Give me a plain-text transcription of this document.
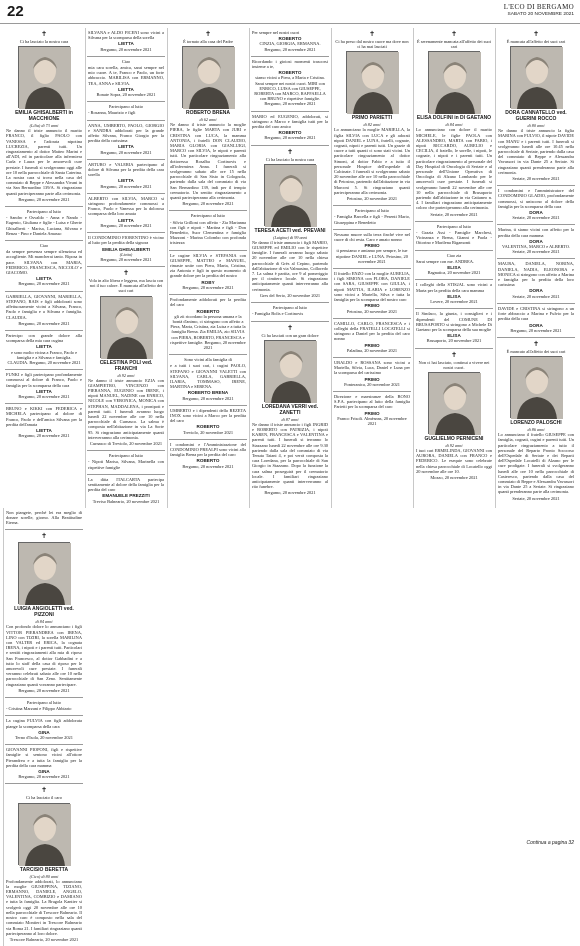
22	L'ECO DI BERGAMO
SABATO 20 NOVEMBRE 2021
✝

Ci ha lasciato la nostra cara

EMILIA GHISALBERTI in MACCHIONE
(Lilia) di 73 anni

Ne danno il triste annuncio il marito FRANCO, il figlio PAOLO con VANESSA e l'adorata nipotina LUCREZIA, parenti tutti. Un ringraziamento al dottor Matteo Marini e all'ADI, ed in particolare alla infermiera Carla e Laura per le amorevoli cure prestate. I funerali si svolgeranno oggi alle ore 10 nella parrocchiale di Santa Caterina. La nostra cara si trova nella casa del commiato di Beppe e Alessandra Vivani in via San Bernardino 139/A. Si ringraziano quanti parteciperanno parte alla cerimonia.

Bergamo, 20 novembre 2021

Partecipano al lutto

- Sandro e Osvaldo - Anna e Nando - Eugenio, Giuliana e figlie - Luisa e Gherte Ghisalberti - Marisa, Luciana, Silvana e Renza - Pino e Daniela Amasso

Ciao

da sempre presenza sempre silenziosa ed accogliente. Mi mancherai tanto. Riposa in pace. SILVANA con MARIA, FEDERICO, FRANCESCA, NICCOLO' e GIACOMO.

LIETTA

Bergamo, 20 novembre 2021

GABRIELLA, GIOVANNI, MARIELLA, STEFANO, RAIS e figli addolorati sono affettuosamente vicini a Silvana, Franco, Paolo e famiglia e a Silvana e famiglia. CLAUDIA.

Bergamo, 20 novembre 2021

Partecipo con grande dolore alla scomparsa della mia cara cugina

LIETTA

e sono molto vicina a Franco, Paolo e famiglia e a Silvana e famiglia. CLAUDIA. Bergamo, 20 novembre 2021

FUNKI e figli partecipano profondamente commossi al dolore di Franco, Paolo e famiglia per la scomparsa della cara

LIETTA

Bergamo, 20 novembre 2021

BRUNO e KIKKI con FEDERICA e MICHELA partecipano al dolore di Franco, Paolo e dell'amica Silvana per la perdita dell'amata

LIETTA

Bergamo, 20 novembre 2021

SILVANA e ALDO FICENI sono vicini a Silvana per la scomparsa della sorella

LIETTA

Bergamo, 20 novembre 2021

Ciao

mia cara sorella, amica, sarai sempre nel mio cuore. A te, Franco e Paolo, un forte abbraccio. MARILISA con ERMANNO, TEA, ANNA e SILVIA.

LIETTA

Bonate Sopra, 20 novembre 2021

Partecipano al lutto

- Rosanna, Maurizio e figli

ANNA, UMBERTO, PAOLO, GIORGIO e SANDRA addolorati per la grande affetto Silvana, Franco Giorgio per la perdita della carissima

LIETTA

Bergamo, 20 novembre 2021

ARTURO e VALERIA partecipano al dolore di Silvana per la perdita della cara sorella

LIETTA

Bergamo, 20 novembre 2021

ALBERTO con SILVIA, MARCO si stringono profondamente commossi a Franco, Paolo e Vanessa per la dolorosa scomparsa della loro amata

LIETTA

Bergamo, 20 novembre 2021

Il CONDOMINIO FIORENTINO è vicino al lutto per la perdita della signora

EMILIA GHISALBERTI
(Lietta)

Bergamo, 20 novembre 2021

✝

Vola in alto libera e leggera, ma lascia con noi il tuo calore. È mancata all'affetto dei suoi cari

CELESTINA POLI ved. FRANCHI
di 92 anni

Ne danno il triste annuncio EZIA con GIAMPIETRO, VINCENZO con PIERANNA, EUGENIO con IRENE, i nipoti MANUEL, NADINE con ENRICO, NICOLE con VERONICA, MONICA con STEPHAN, MADDALENA, i pronipoti e parenti tutti. I funerali avranno luogo lunedì 22 novembre alle ore 10 nella parrocchiale di Curnasco. La salma è composta nell'abitazione in via La Sorte 95. Si ringraziano anticipatamente quanti interverranno alla cerimonia.

Curnasco di Treviolo, 20 novembre 2021

Partecipano al lutto

- Nipoti Marisa, Silvana, Marinella con rispettive famiglie

La ditta ITALCARTA partecipa sentitamente al dolore della famiglia per la perdita del caro

EMANUELE PREZZITI

Treviso Balneario, 20 novembre 2021

✝

È tornato alla casa del Padre

ROBERTO BRENA
di 62 anni

Ne danno il triste annuncio la moglie PIERA, le figlie MARTA con JURI e CRISTINA con LUCA, la mamma ANTONIA, i fratelli DON CLAUDIO, MARIA GLORIA con GIANLUIGI, MARCO con SILVIA, le nipoti e parenti tutti. Un particolare ringraziamento alla dottoressa Rosalba Cortinovis e all'infermiera Anna. I funerali si svolgeranno sabato alle ore 15 nella parrocchiale di San Sisto in Colognola, partendo dalla sala del commiato di via San Bernardino 139, indi per il tempio crematorio. Un sentito ringraziamento a quanti parteciperanno alla cerimonia.

Bergamo, 20 novembre 2021

Partecipano al lutto

- Silvia Grilloni con affetto - Zia Marianna con figli e nipoti - Martina e figli - Don Benedetto, Suor Clementina e famiglia Mazzoni - Marina Colombo con profonda tristezza

Le cugine SILVIA e STEFANIA con GIUSEPPE, MATTEO e MANUEL, rimaste unite con Piera, Marta, Cristina, zia Antonia e figli in questo momento di grande dolore per la perdita del nostro

ROBY

Bergamo, 20 novembre 2021

Profondamente addolorati per la perdita del caro

ROBERTO

gli zii ricordano la persona umana e la bontà d'animo, ci stringono con affetto a Piera, Marta, Cristina, zia Luisa e a tutta la famiglia Brena. Zia EMILIA, zio SILVIA con PIERA, ROBERTO, FRANCESCA e rispettive famiglie. Bergamo, 20 novembre 2021

Sono vicini alla famiglia di

e a tutti i suoi cari, i cugini PAOLO, STEFANO e GIOVANNI VALETTI con SILVANA, CARLA, GABRIELLA, ILARIA, TOMMASO, IRENE, MARTINA e SERENA.

ROBERTO BRENA

Bergamo, 20 novembre 2021

UMBERTO e i dipendenti della REZETA INOX sono vicini a Marco per la perdita del caro

ROBERTO

Treviolo, 20 novembre 2021

I condomini e l'Amministrazione del CONDOMINIO PREALPI sono vicini alla famiglia Brena per la perdita del caro

ROBERTO

Bergamo, 20 novembre 2021

Per sempre nel nostri cuori

ROBERTO

CINZIA, GIORGIA, ERMANNA. Bergamo, 20 novembre 2021

Ricordando i gioiosi momenti trascorsi insieme a te,

ROBERTO

siamo vicini a Piera, a Marta e Cristina. Sarai sempre nei nostri cuori. MIRI con ENRICO, LUISA con GIUSEPPE, ROBERTA con MARCO, RAFFAELLA con BRUNO e rispettive famiglie. Bergamo, 20 novembre 2021

MARIO ed EUGENIO, addolorati, si stringono a Marco e famiglia tutti per la perdita del caro amico

ROBERTO

Bergamo, 20 novembre 2021

✝

Ci ha lasciato la nostra cara

TERESA ACETI ved. PREVANI
(Luigina) di 99 anni

Ne danno il triste annuncio i figli MARIO, GIUSEPPE ed EMILIO con le rispettive famiglie. I funerali avranno luogo sabato 20 novembre alle ore 10 nella chiesa parrocchiale di Grès al Cepino, partendo dall'abitazione di via Valmasino, Colloredo 7. La salma è partita, ore 9 al pomeriggio per il cimitero locale. Si ringraziano anticipatamente quanti interverranno alla cerimonia.

Gres del Serio, 20 novembre 2021

Partecipano al lutto

- Famiglia Bolis e Cortinovis

✝

Ci ha lasciati con un gran dolore

LOREDANA VERRI ved. ZANETTI
di 87 anni

Ne danno il triste annuncio i figli INGRID e ROBERTO con PATRIZIA, i nipoti KAREN, FRANCESCA e VALENTINA e parenti tutti. I funerali si terranno lo Stazzano lunedì 22 novembre alle ore 9.30 partendo dalla sala del commiato di via Tenuta Taiani 4, e poi verrà composta la cara Loredana, per la parrocchiale di San Giorgio in Stazzano. Dopo la funzione la cara salma proseguirà per il crematorio locale. I familiari ringraziano anticipatamente quanti interverranno al rito funebre.

Bergamo, 20 novembre 2021

✝

Ci ha preso dal nostro cuore ma dove non ci ha mai lasciati

PRIMO PARIETTI
di 82 anni

Lo annunciano la moglie MARIELLA, la figlia SILVIA con LUCA e gli adorati nipoti DANIEL e LUNA, fratelli, cognate, cognati, nipoti e parenti tutti. Un grazie di cuore a tutti quanti ci sono stati vicini. Un particolare ringraziamento al dottor Simoni, al dottor Fabio e a tutto il personale Hospice dell'ospedale di Calcinate. I funerali si svolgeranno sabato 20 novembre alle ore 10 nella parrocchiale di Petosino, partendo dall'abitazione in via Marconi 5. Si ringraziano quanti parteciperanno alla cerimonia.

Petosino, 20 novembre 2021

Partecipano al lutto

- Famiglia Barcella e figli - Pesenti Mario, Giuseppina e Benedetto

Nessuno muore sulla terra finché vive nel cuore di chi resta. Caro e amato nonno

PRIMO

ti pensiamo e amiamo per sempre, le tue nipotine DANIEL e LUNA. Petosino, 20 novembre 2021

Il fratello ENZO con la moglie AURELIA, i figli SIMONA con FLORA, DANIELE con SARA, GIUSEPPE con GIULIA, i nipoti MATTIA, ILARIA e LORENZO sono vicini a Mariella, Silva e tutta la famiglia per la scomparsa del nostro caro

PRIMO

Petosino, 20 novembre 2021

CAMILLO, CARLO, FRANCESCA e i colleghi della FRATELLI LOCATELLI si stringono a Daniel per la perdita del caro nonno

PRIMO

Paladina, 20 novembre 2021

UBALDO e ROSSANA sono vicini a Mariella, Silvia, Luca, Daniel e Luna per la scomparsa del carissimo

PRIMO

Ponteranica, 20 novembre 2021

Direzione e maestranze della BONO S.P.A. partecipano al lutto della famiglia Parietti per la scomparsa del caro

PRIMO

Franco Frisoli. Almèsnns, 20 novembre 2021

✝

È serenamente mancata all'affetto dei suoi cari

ELISA DOLFINI in DI GAETANO
di 84 anni

Lo annunciano con dolore il marito MICHELE, le figlie PAOLA con ALESSANDRO, MARTA con FABIO, i nipoti RICCARDO, AURELIO e CECILIA, il fratello, le sorelle, i nipoti, le cognate, i nipoti e i parenti tutti. Un particolare ringraziamento al personale del Day Hospital di Oncologia di Seriate e al personale dell'Unione Operativa di Oncologia di Alzano Lombardo per le amorevoli cure prestate. I funerali si svolgeranno lunedì 22 novembre alle ore 10 nella parrocchiale di Brusaporto partendo dall'abitazione in via Cattaneo n. 4. I familiari ringraziano anticipatamente coloro che parteciperanno alla cerimonia.

Seriate, 20 novembre 2021

Partecipano al lutto

- Grazia Assi - Famiglie Marchesi, Vicinanza e Brena, Gianni e Paola - Ottorino e Marilena Rigamonti

Ciao zia

Sarai sempre con me. ANDREA.

ELISA

Bagnatica, 20 novembre 2021

I colleghi della STIS2AL sono vicini a Marta per la perdita della cara mamma

ELISA

Lovere, 20 novembre 2021

Il Sindaco, la giunta, i consiglieri e i dipendenti del COMUNE DI BRUSAPORTO si stringono a Michele Di Gaetano per la scomparsa della sua moglie

ELISA

Brusaporto, 20 novembre 2021

✝

Non ci hai lasciato, continui a vivere nei nostri cuori.

GUGLIELMO PERNICENI
di 92 anni

I tuoi cari ERMELINDA, GIOVANNI con AURORA, DANIELA con FRANCO e FEDERICO. Le esequie sono celebrate nella chiesa parrocchiale di Locatello oggi 20 novembre alle ore 10.

Mozzo, 20 novembre 2021

✝

È mancata all'affetto dei suoi cari

DORA CANNATELLO ved. GUERINI ROCCO
di 80 anni

Ne danno il triste annuncio la figlia MARINA con FULVIO, il nipote DAVIDE con MANU e i parenti tutti. I funerali si svolgeranno lunedì alle ore 10.45 nella parrocchiale di Seriate, partendo dalla casa del commiato di Beppe e Alessandra Vavassori in via Dante 25 a Seriate. Si ringraziano quanti prenderanno parte alla cerimonia.

Seriate, 20 novembre 2021

I condomini e l'amministratore del CONDOMINIO GLADIO, profondamente commossi, si uniscono al dolore della famiglia per la scomparsa della cara

DORA

Seriate, 20 novembre 2021

Marina, ti siamo vicini con affetto per la perdita della cara mamma

DORA

VALENTINA, MARCO e ALBERTO. Seriate, 20 novembre 2021

MAURA, DANIELA, NORINA, DANIELA, NADIA, ELEONORA e MONICA si stringono con affetto a Marina e famiglia per la perdita della loro carissima

DORA

Seriate, 20 novembre 2021

DAVIDE e CRISTINA si stringono a un forte abbraccio a Marina e Fulvio per la perdita della cara

DORA

Bergamo, 20 novembre 2021

✝

È mancato all'affetto dei suoi cari

LORENZO PALOSCHI
di 86 anni

Lo annunciano il fratello GIUSEPPE con famiglia, cognati, cugini e parenti tutti. Un particolare ringraziamento a tutto il personale del Reparto Pronto Soccorso dell'Ospedale di Seriate e dei Reparti dell'Ospedale Locatelli di Alzano per le cure prodigate. I funerali si svolgeranno lunedì alle ore 10 nella parrocchiale di Casteresco, partendo dalla casa del commiato di Beppe e Alessandra Vavassori in via Dante 25 a Seriate. Si ringraziano quanti prenderanno parte alla cerimonia.

Seriate, 20 novembre 2021

Non piangete, perché lei era meglio di donare sorelle, giorno. Alla Beatitudine Eterna.

✝
LUIGIA ANGIOLETTI ved. PIZZONI
di 84 anni

Con profondo dolore lo annunciano i figli VITTOR PIERANDREA con IRENA, LINO con TIZIRI, la sorella MARILINA con VALTER ed ERICA, la cognata IRENA, i nipoti e i parenti tutti. Particolari e sentiti ringraziamenti alla mia di riposo San Francesco, al dottor Gabbadini e a tutto lo staff della casa di riposo per le amorevoli cure prestate. I funerali verranno celebrati sabato alle ore 10 nella parrocchiale di San Zeno. Sentitamente ringraziano quanti vorranno partecipare.

Bergamo, 20 novembre 2021

Partecipano al lutto

- Cristina Marzani e Filippo Abbiario

La cugina FULVIA con figli addolorata piange la scomparsa della cara

GINA

Terno d'Isola, 20 novembre 2021

GIOVANNI PIOPONI, figli e rispettive famiglie si sentono vicini all'ottore Pierandrea e a tutta la famiglia per la perdita della cara mamma

GINA

Bergamo, 20 novembre 2021

✝

Ci ha lasciato il caro

TARCISIO BERETTA
(Cico) di 80 anni

Profondamente addolorati, lo annunciano la moglie GIUSEPPINA, TIZIANO, ERMANNO, DANIELE, ANGELO, VALENTINA, COMBIZIO e DAMIANO e tutta la famiglia. La Brugola Kantier si svolgerà oggi 20 novembre alle ore 10 nella parrocchiale di Trescore Balneario. Il nostro caro è composto nella sala del commiato Montieri in Trescore Balneario via Roma 21. I familiari ringraziano quanti parteciperanno al loro dolore.

Trescore Balneario, 20 novembre 2021

Continua a pagina 32
